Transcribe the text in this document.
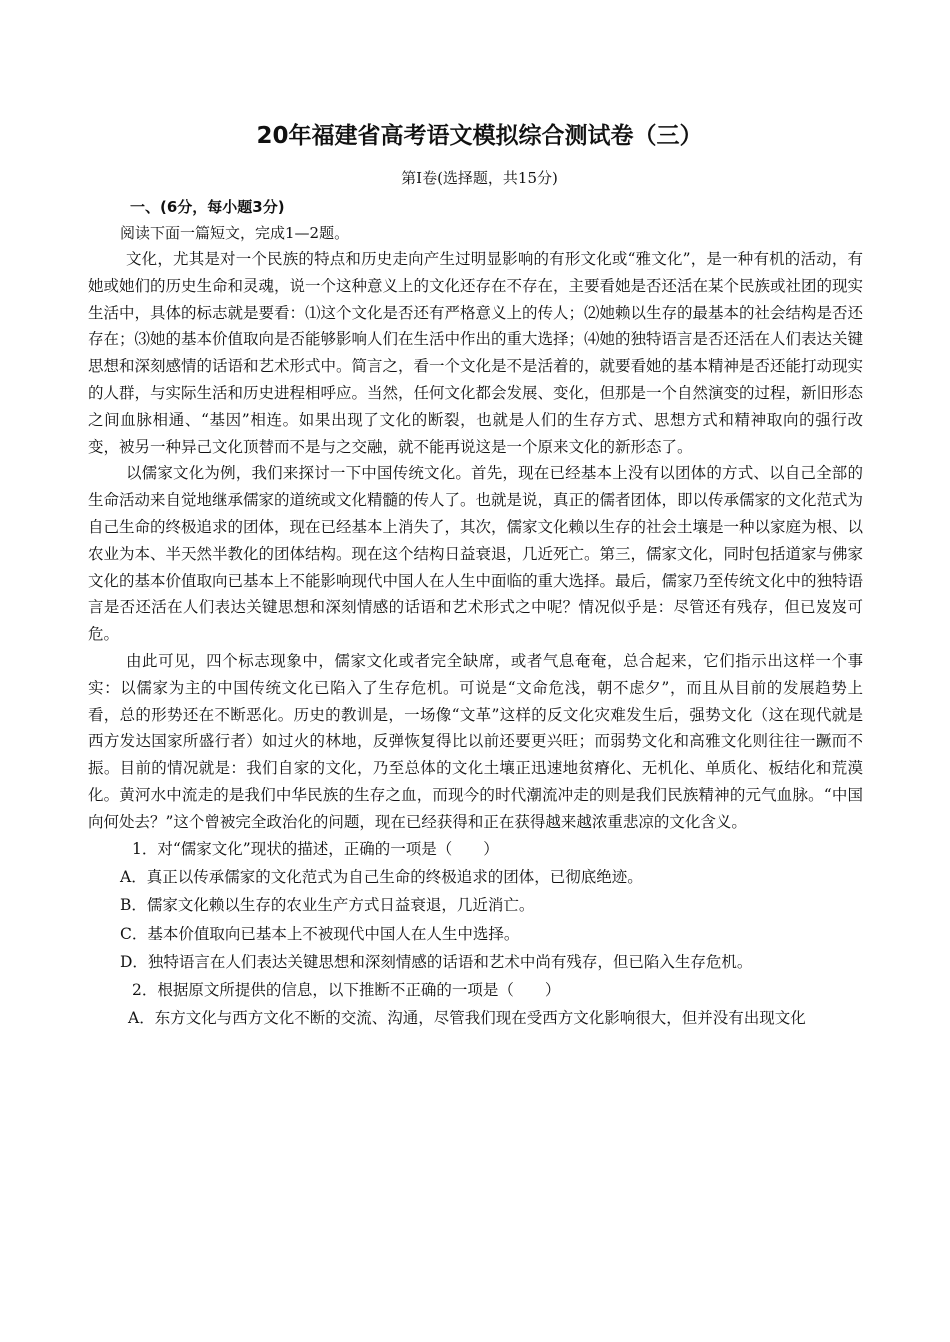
20年福建省高考语文模拟综合测试卷（三）

第Ⅰ卷(选择题，共15分)

一、(6分，每小题3分)

阅读下面一篇短文，完成1—2题。

文化，尤其是对一个民族的特点和历史走向产生过明显影响的有形文化或“雅文化”，是一种有机的活动，有她或她们的历史生命和灵魂，说一个这种意义上的文化还存在不存在，主要看她是否还活在某个民族或社团的现实生活中，具体的标志就是要看：⑴这个文化是否还有严格意义上的传人；⑵她赖以生存的最基本的社会结构是否还存在；⑶她的基本价值取向是否能够影响人们在生活中作出的重大选择；⑷她的独特语言是否还活在人们表达关键思想和深刻感情的话语和艺术形式中。简言之，看一个文化是不是活着的，就要看她的基本精神是否还能打动现实的人群，与实际生活和历史进程相呼应。当然，任何文化都会发展、变化，但那是一个自然演变的过程，新旧形态之间血脉相通、“基因”相连。如果出现了文化的断裂，也就是人们的生存方式、思想方式和精神取向的强行改变，被另一种异己文化顶替而不是与之交融，就不能再说这是一个原来文化的新形态了。

以儒家文化为例，我们来探讨一下中国传统文化。首先，现在已经基本上没有以团体的方式、以自己全部的生命活动来自觉地继承儒家的道统或文化精髓的传人了。也就是说，真正的儒者团体，即以传承儒家的文化范式为自己生命的终极追求的团体，现在已经基本上消失了，其次，儒家文化赖以生存的社会土壤是一种以家庭为根、以农业为本、半天然半教化的团体结构。现在这个结构日益衰退，几近死亡。第三，儒家文化，同时包括道家与佛家文化的基本价值取向已基本上不能影响现代中国人在人生中面临的重大选择。最后，儒家乃至传统文化中的独特语言是否还活在人们表达关键思想和深刻情感的话语和艺术形式之中呢？情况似乎是：尽管还有残存，但已岌岌可危。

由此可见，四个标志现象中，儒家文化或者完全缺席，或者气息奄奄，总合起来，它们指示出这样一个事实：以儒家为主的中国传统文化已陷入了生存危机。可说是“文命危浅，朝不虑夕”，而且从目前的发展趋势上看，总的形势还在不断恶化。历史的教训是，一场像“文革”这样的反文化灾难发生后，强势文化（这在现代就是西方发达国家所盛行者）如过火的林地，反弹恢复得比以前还要更兴旺；而弱势文化和高雅文化则往往一蹶而不振。目前的情况就是：我们自家的文化，乃至总体的文化土壤正迅速地贫瘠化、无机化、单质化、板结化和荒漠化。黄河水中流走的是我们中华民族的生存之血，而现今的时代潮流冲走的则是我们民族精神的元气血脉。“中国向何处去？”这个曾被完全政治化的问题，现在已经获得和正在获得越来越浓重悲凉的文化含义。

1．对“儒家文化”现状的描述，正确的一项是（　　）

A．真正以传承儒家的文化范式为自己生命的终极追求的团体，已彻底绝迹。

B．儒家文化赖以生存的农业生产方式日益衰退，几近消亡。

C．基本价值取向已基本上不被现代中国人在人生中选择。

D．独特语言在人们表达关键思想和深刻情感的话语和艺术中尚有残存，但已陷入生存危机。

2．根据原文所提供的信息，以下推断不正确的一项是（　　）

A．东方文化与西方文化不断的交流、沟通，尽管我们现在受西方文化影响很大，但并没有出现文化
